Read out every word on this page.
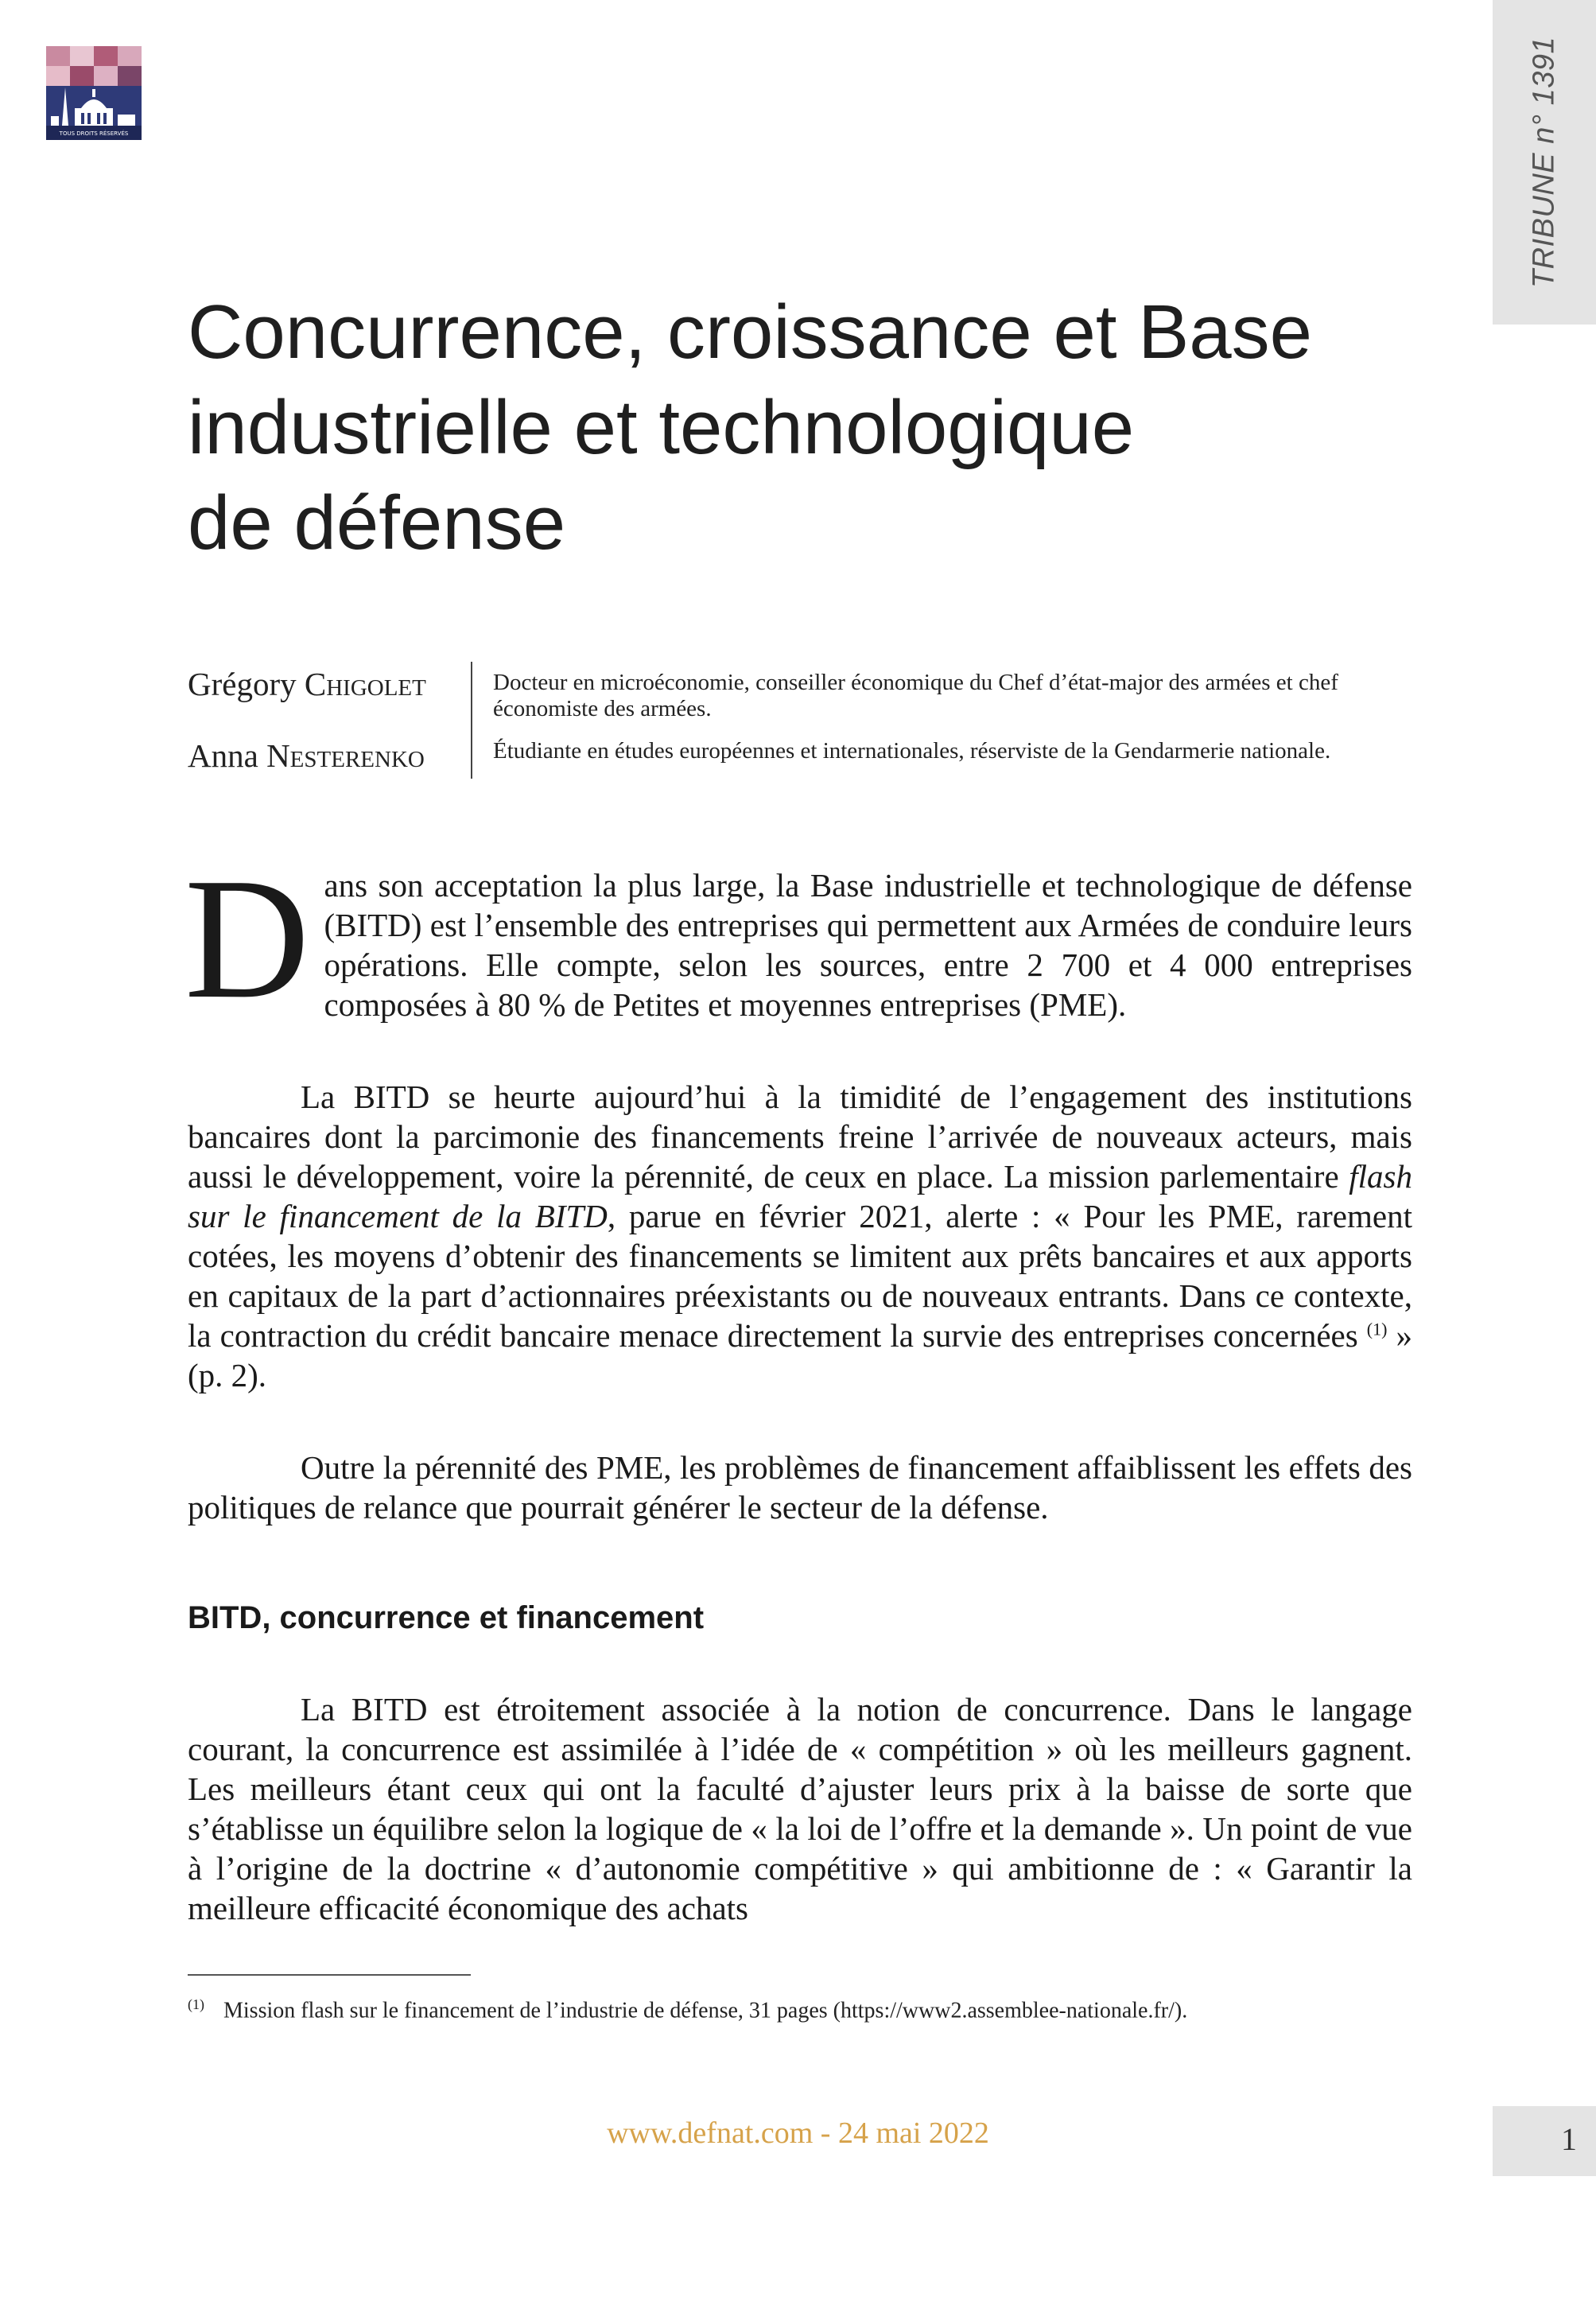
TOUS DROITS RÉSERVÉS	TRIBUNE n° 1391
Concurrence, croissance et Base
industrielle et technologique
de défense
Grégory Chigolet	Docteur en microéconomie, conseiller économique du Chef d’état-major des armées et chef économiste des armées.
Anna Nesterenko	Étudiante en études européennes et internationales, réserviste de la Gendarmerie nationale.

Dans son acceptation la plus large, la Base industrielle et technologique de défense (BITD) est l’ensemble des entreprises qui permettent aux Armées de conduire leurs opérations. Elle compte, selon les sources, entre 2 700 et 4 000 entreprises composées à 80 % de Petites et moyennes entreprises (PME).

La BITD se heurte aujourd’hui à la timidité de l’engagement des institutions bancaires dont la parcimonie des financements freine l’arrivée de nouveaux acteurs, mais aussi le développement, voire la pérennité, de ceux en place. La mission parlementaire flash sur le financement de la BITD, parue en février 2021, alerte : « Pour les PME, rarement cotées, les moyens d’obtenir des financements se limitent aux prêts bancaires et aux apports en capitaux de la part d’actionnaires préexistants ou de nouveaux entrants. Dans ce contexte, la contraction du crédit bancaire menace directement la survie des entreprises concernées $^{(1)}$ » (p. 2).

Outre la pérennité des PME, les problèmes de financement affaiblissent les effets des politiques de relance que pourrait générer le secteur de la défense.

BITD, concurrence et financement

La BITD est étroitement associée à la notion de concurrence. Dans le langage courant, la concurrence est assimilée à l’idée de « compétition » où les meilleurs gagnent. Les meilleurs étant ceux qui ont la faculté d’ajuster leurs prix à la baisse de sorte que s’établisse un équilibre selon la logique de « la loi de l’offre et la demande ». Un point de vue à l’origine de la doctrine « d’autonomie compétitive » qui ambitionne de : « Garantir la meilleure efficacité économique des achats

$^{(1)}$ Mission flash sur le financement de l’industrie de défense, 31 pages (https://www2.assemblee-nationale.fr/).
www.defnat.com - 24 mai 2022	1
